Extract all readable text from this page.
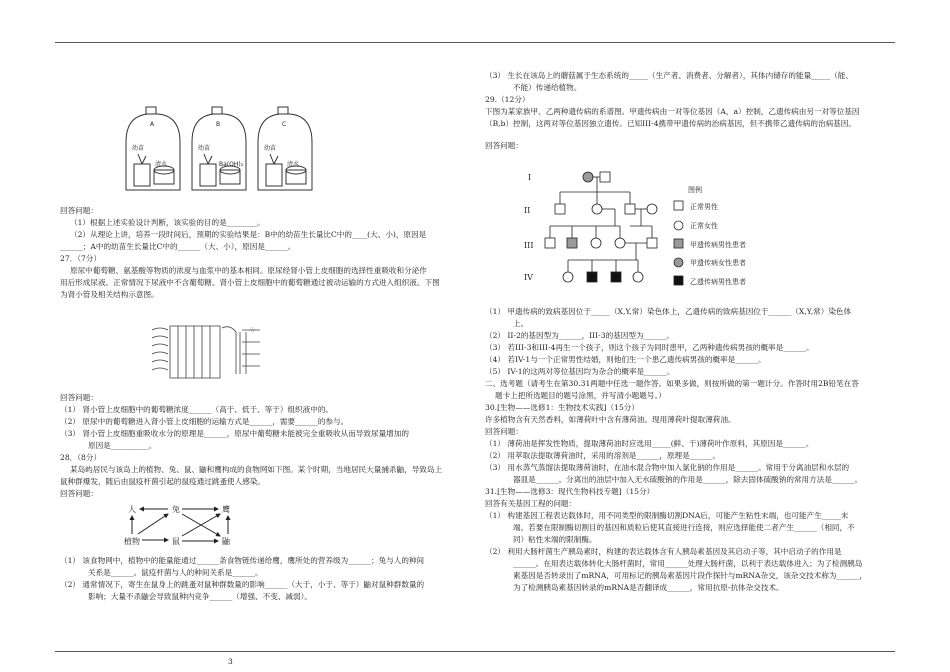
A	B	C
幼苗	幼苗	幼苗
清水	Ba(OH)₂	清水

回答问题：

（1）根据上述实验设计判断，该实验的目的是________。

（2）从理论上讲，培养一段时间后，预期的实验结果是：B中的幼苗生长量比C中的____(大、小)，原因是

______；A中的幼苗生长量比C中的______（大、小），原因是______。

27．（7分）

原尿中葡萄糖、氨基酸等物质的浓度与血浆中的基本相同。原尿经肾小管上皮细胞的选择性重吸收和分泌作

用后形成尿液。正常情况下尿液中不含葡萄糖。肾小管上皮细胞中的葡萄糖通过被动运输的方式进入组织液。下图

为肾小管及相关结构示意图。

Ⓐ

回答问题：

（1） 肾小管上皮细胞中的葡萄糖浓度______（高于、低于、等于）组织液中的。

（2） 原尿中的葡萄糖进入肾小管上皮细胞的运输方式是______，需要______的参与。

（3） 肾小管上皮细胞重吸收水分的原理是______，原尿中葡萄糖未能被完全重吸收从而导致尿量增加的

原因是__________。

28．（8分）

某岛屿居民与该岛上的植物、兔、鼠、鼬和鹰构成的食物网如下图。某个时期，当地居民大量捕杀鼬，导致岛上

鼠种群爆发，随后由鼠疫杆菌引起的鼠疫通过跳蚤使人感染。

回答问题：

人	兔	鹰
植物	鼠	鼬

（1） 该食物网中，植物中的能量能通过______条食物链传递给鹰，鹰所处的营养级为______；兔与人的种间

关系是______。鼠疫杆菌与人的种间关系是______。

（2） 通常情况下，寄生在鼠身上的跳蚤对鼠种群数量的影响______（大于，小于、等于）鼬对鼠种群数量的

影响；大量不杀鼬会导致鼠种内竞争______（增强、不变、减弱）。

（3） 生长在该岛上的蘑菇属于生态系统的_____（生产者、消费者、分解者），其体内储存的能量_____（能、

不能）传递给植物。

29.（12分）

下图为某家族甲、乙两种遗传病的系谱图。甲遗传病由一对等位基因（A，a）控制，乙遗传病由另一对等位基因

（B,b）控制，这两对等位基因独立遗传。已知III-4携带甲遗传病的治病基因，但不携带乙遗传病的治病基因。

回答问题：

I
II
III
IV
图例
正常男性
正常女性
甲遗传病男性患者
甲遗传病女性患者
乙遗传病男性患者

（1） 甲遗传病的致病基因位于_____（X,Y,常）染色体上，乙遗传病的致病基因位于______（X,Y,常）染色体

上。

（2） II-2的基因型为______，III-3的基因型为______。

（3） 若III-3和III-4再生一个孩子，则这个孩子为同时患甲，乙两种遗传病男孩的概率是______。

（4） 若IV-1与一个正常男性结婚，则他们生一个患乙遗传病男孩的概率是______。

（5） IV-1的这两对等位基因均为杂合的概率是______。

二、选考题（请考生在第30.31两题中任选一题作答。如果多做，则按所做的第一题计分。作答时用2B铅笔在答

题卡上把所选题目的题号涂黑，并写清小题题号。）

30.[生物——选修1：生物技术实践]（15分）

许多植物含有天然香料，如薄荷叶中含有薄荷油。现用薄荷叶提取薄荷油。

回答问题：

（1） 薄荷油是挥发性物质，提取薄荷油时应选用_____(鲜、干)薄荷叶作原料，其原因是______。

（2） 用萃取法提取薄荷油时，采用的溶剂是______，原理是______。

（3） 用水蒸气蒸馏法提取薄荷油时，在油水混合物中加入氯化钠的作用是______。常用于分离油层和水层的

器皿是______。分离出的油层中加入无水硫酸钠的作用是______，除去固体硫酸钠的常用方法是______。

31.[生物——选修3：现代生物科技专题]（15分）

回答有关基因工程的问题：

（1） 构建基因工程表达载体时，用不同类型的限制酶切割DNA后，可能产生粘性末端，也可能产生_____末

端。若要在限制酶切割目的基因和质粒后使其直接进行连接，则应选择能使二者产生______（相同，不

同）粘性末端的限制酶。

（2） 利用大肠杆菌生产胰岛素时，构建的表达载体含有人胰岛素基因及其启动子等，其中启动子的作用是

______。在用表达载体转化大肠杆菌时，常用______处理大肠杆菌，以利于表达载体进入；为了检测胰岛

素基因是否转录出了mRNA，可用标记的胰岛素基因片段作探针与mRNA杂交，该杂交技术称为______，

为了检测胰岛素基因转录的mRNA是否翻译成______，常用抗原-抗体杂交技术。

3
